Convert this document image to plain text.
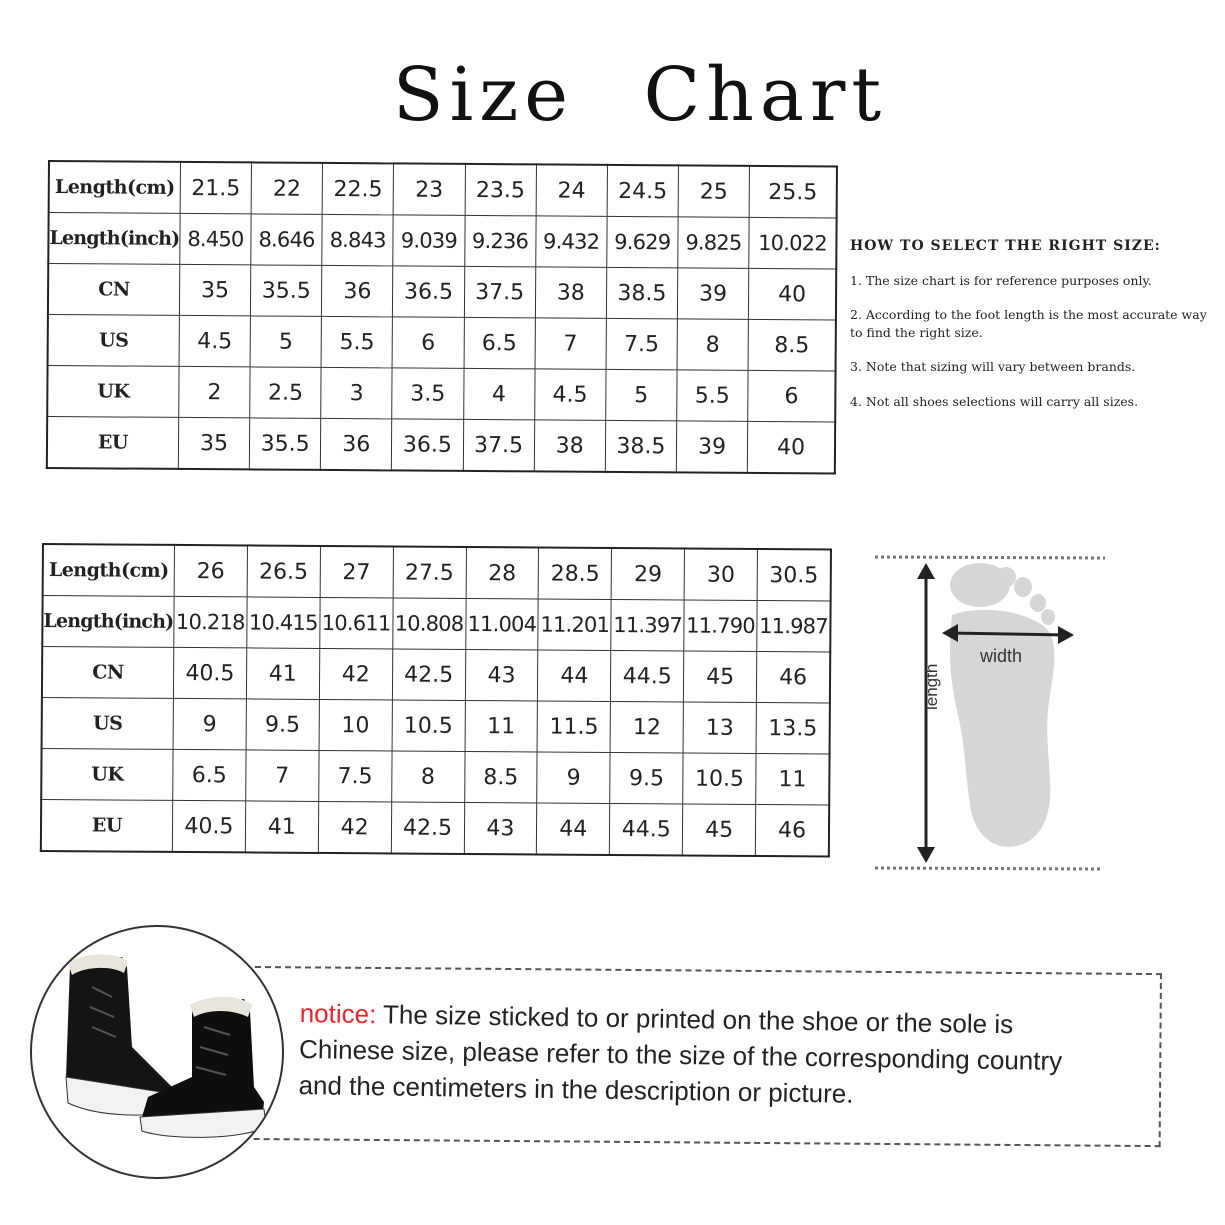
Size Chart
Length(cm)	21.5	22	22.5	23	23.5	24	24.5	25	25.5
Length(inch)	8.450	8.646	8.843	9.039	9.236	9.432	9.629	9.825	10.022
CN	35	35.5	36	36.5	37.5	38	38.5	39	40
US	4.5	5	5.5	6	6.5	7	7.5	8	8.5
UK	2	2.5	3	3.5	4	4.5	5	5.5	6
EU	35	35.5	36	36.5	37.5	38	38.5	39	40
Length(cm)	26	26.5	27	27.5	28	28.5	29	30	30.5
Length(inch)	10.218	10.415	10.611	10.808	11.004	11.201	11.397	11.790	11.987
CN	40.5	41	42	42.5	43	44	44.5	45	46
US	9	9.5	10	10.5	11	11.5	12	13	13.5
UK	6.5	7	7.5	8	8.5	9	9.5	10.5	11
EU	40.5	41	42	42.5	43	44	44.5	45	46
HOW TO SELECT THE RIGHT SIZE:
1. The size chart is for reference purposes only.
2. According to the foot length is the most accurate way to find the right size.
3. Note that sizing will vary between brands.
4. Not all shoes selections will carry all sizes.
width
length
notice: The size sticked to or printed on the shoe or the sole is
Chinese size, please refer to the size of the corresponding country
and the centimeters in the description or picture.
